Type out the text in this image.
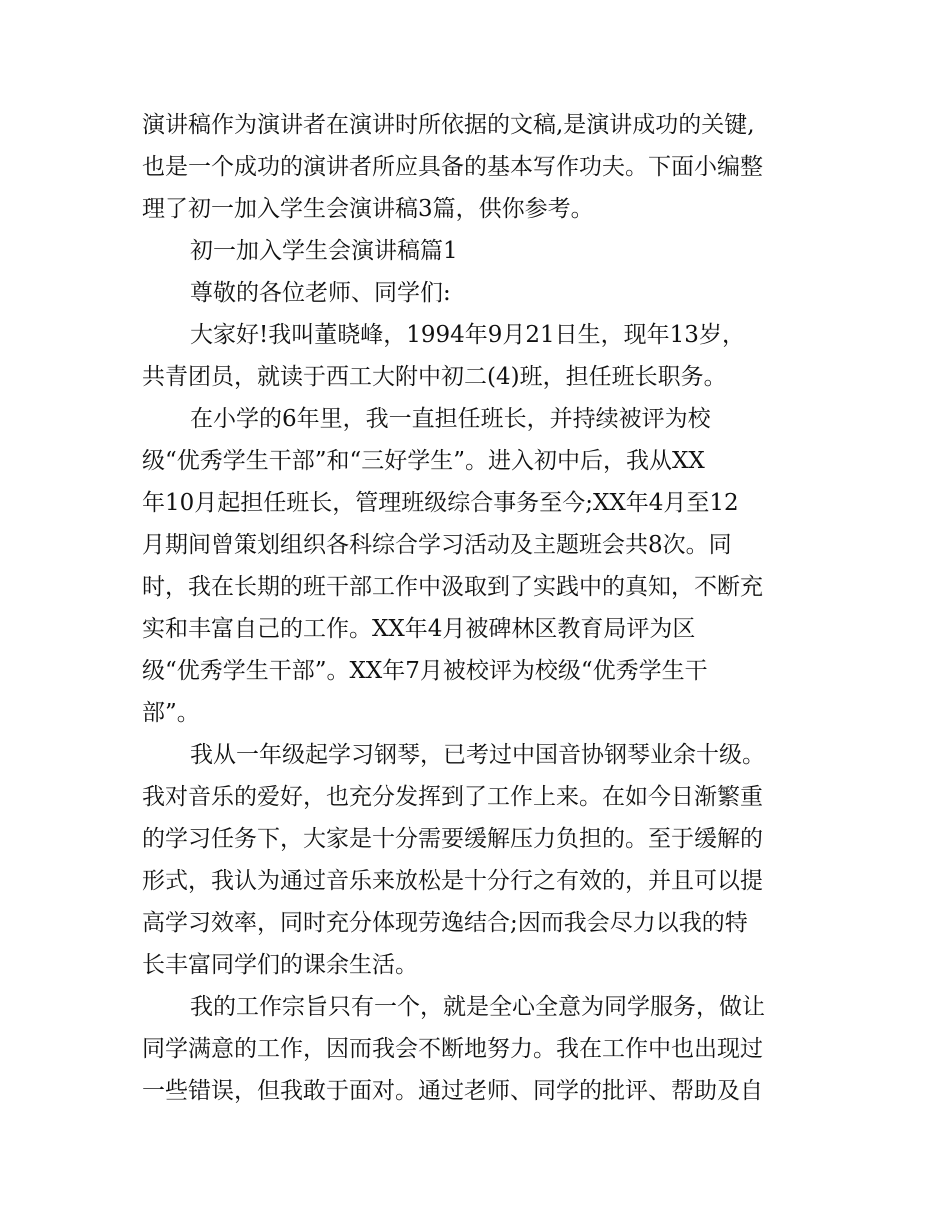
演讲稿作为演讲者在演讲时所依据的文稿,是演讲成功的关键,
也是一个成功的演讲者所应具备的基本写作功夫。下面小编整
理了初一加入学生会演讲稿3篇，供你参考。
初一加入学生会演讲稿篇1
尊敬的各位老师、同学们:
大家好!我叫董晓峰，1994年9月21日生，现年13岁，
共青团员，就读于西工大附中初二(4)班，担任班长职务。
在小学的6年里，我一直担任班长，并持续被评为校
级“优秀学生干部”和“三好学生”。进入初中后，我从XX
年10月起担任班长，管理班级综合事务至今;XX年4月至12
月期间曾策划组织各科综合学习活动及主题班会共8次。同
时，我在长期的班干部工作中汲取到了实践中的真知，不断充
实和丰富自己的工作。XX年4月被碑林区教育局评为区
级“优秀学生干部”。XX年7月被校评为校级“优秀学生干
部”。
我从一年级起学习钢琴，已考过中国音协钢琴业余十级。
我对音乐的爱好，也充分发挥到了工作上来。在如今日渐繁重
的学习任务下，大家是十分需要缓解压力负担的。至于缓解的
形式，我认为通过音乐来放松是十分行之有效的，并且可以提
高学习效率，同时充分体现劳逸结合;因而我会尽力以我的特
长丰富同学们的课余生活。
我的工作宗旨只有一个，就是全心全意为同学服务，做让
同学满意的工作，因而我会不断地努力。我在工作中也出现过
一些错误，但我敢于面对。通过老师、同学的批评、帮助及自
